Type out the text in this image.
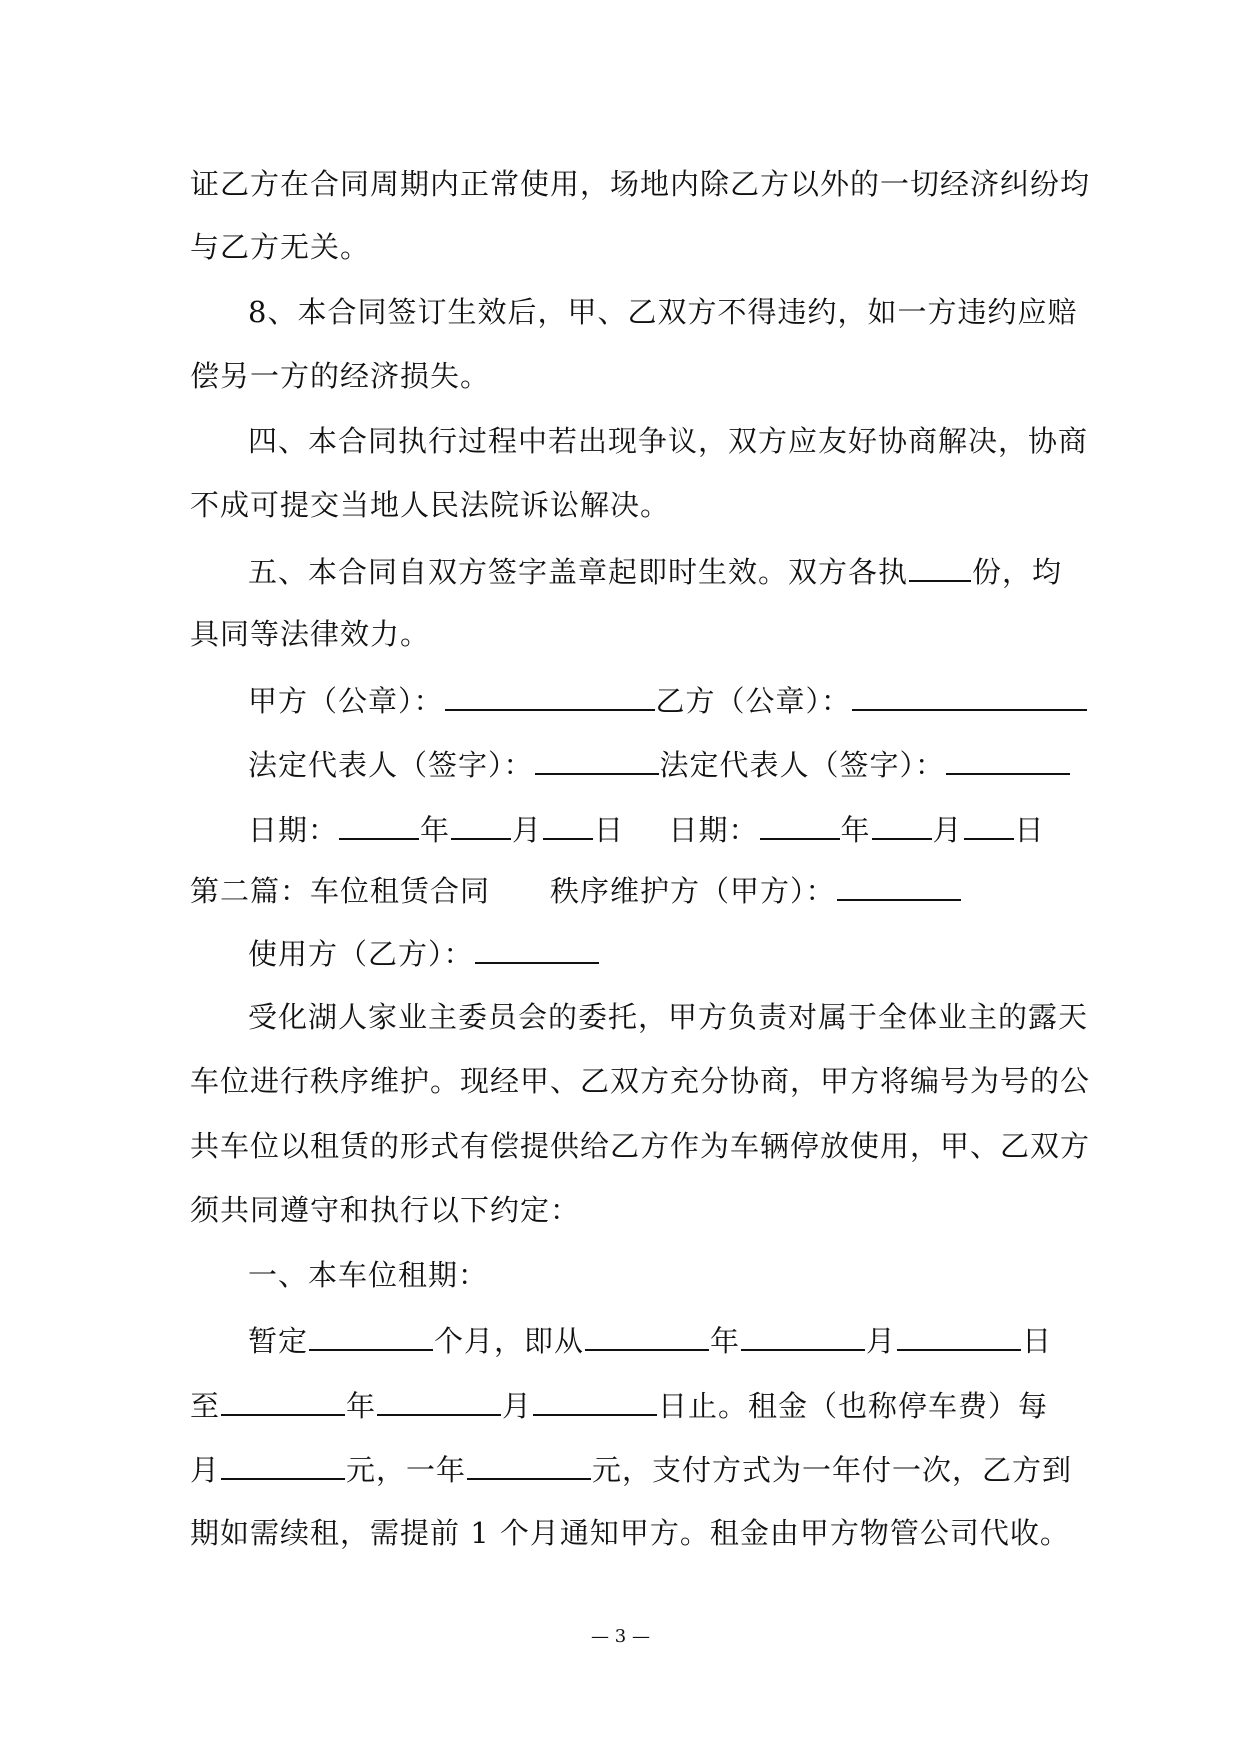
证乙方在合同周期内正常使用，场地内除乙方以外的一切经济纠纷均
与乙方无关。
8、本合同签订生效后，甲、乙双方不得违约，如一方违约应赔
偿另一方的经济损失。
四、本合同执行过程中若出现争议，双方应友好协商解决，协商
不成可提交当地人民法院诉讼解决。
五、本合同自双方签字盖章起即时生效。双方各执 份，均
具同等法律效力。
甲方（公章）：	乙方（公章）：
法定代表人（签字）：	法定代表人（签字）：
日期：	年 月 日 日期：	年 月 日
第二篇：车位租赁合同 秩序维护方（甲方）：
使用方（乙方）：
受化湖人家业主委员会的委托，甲方负责对属于全体业主的露天
车位进行秩序维护。现经甲、乙双方充分协商，甲方将编号为号的公
共车位以租赁的形式有偿提供给乙方作为车辆停放使用，甲、乙双方
须共同遵守和执行以下约定：
一、本车位租期：
暂定	个月，即从	年	月	日
至	年	月	日止。租金（也称停车费）每
月	元，一年	元，支付方式为一年付一次，乙方到
期如需续租，需提前 1 个月通知甲方。租金由甲方物管公司代收。
— 3 —
